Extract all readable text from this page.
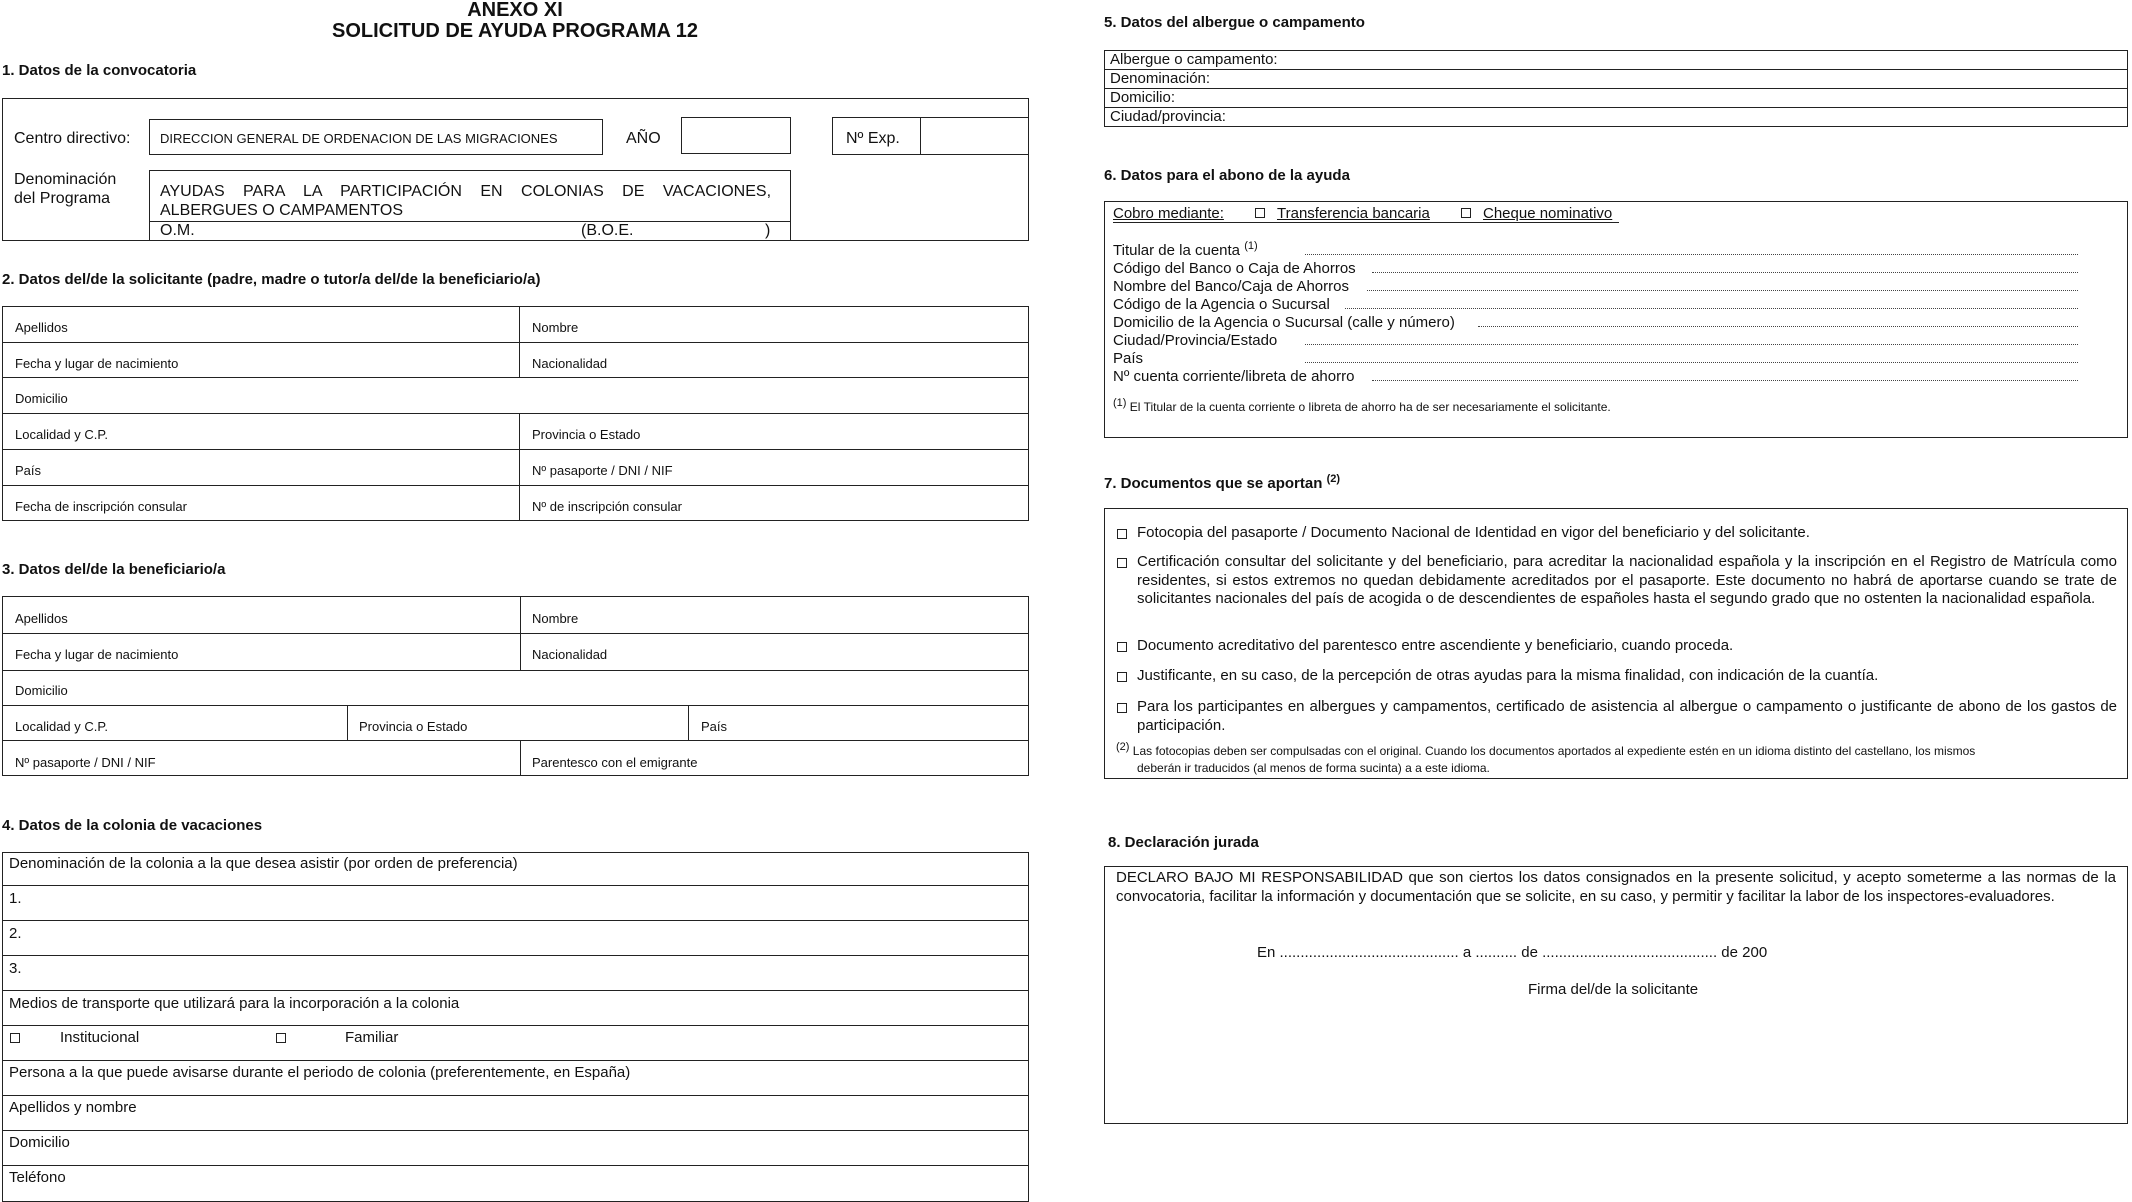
ANEXO XI
SOLICITUD DE AYUDA PROGRAMA 12
1. Datos de la convocatoria
Centro directivo: DIRECCION GENERAL DE ORDENACION DE LAS MIGRACIONES	AÑO	Nº Exp.
Denominación
del Programa	AYUDAS PARA LA PARTICIPACIÓN EN COLONIAS DE VACACIONES,
ALBERGUES O CAMPAMENTOS
O.M.	(B.O.E.	)
2. Datos del/de la solicitante (padre, madre o tutor/a del/de la beneficiario/a)
Apellidos	Nombre
Fecha y lugar de nacimiento	Nacionalidad
Domicilio
Localidad y C.P.	Provincia o Estado
País	Nº pasaporte / DNI / NIF
Fecha de inscripción consular	Nº de inscripción consular
3. Datos del/de la beneficiario/a
Apellidos	Nombre
Fecha y lugar de nacimiento	Nacionalidad
Domicilio
Localidad y C.P.	Provincia o Estado	País
Nº pasaporte / DNI / NIF	Parentesco con el emigrante
4. Datos de la colonia de vacaciones
Denominación de la colonia a la que desea asistir (por orden de preferencia)
1.
2.
3.
Medios de transporte que utilizará para la incorporación a la colonia
Institucional	Familiar
Persona a la que puede avisarse durante el periodo de colonia (preferentemente, en España)
Apellidos y nombre
Domicilio
Teléfono
5. Datos del albergue o campamento
Albergue o campamento:
Denominación:
Domicilio:
Ciudad/provincia:
6. Datos para el abono de la ayuda
Cobro mediante:	Transferencia bancaria	Cheque nominativo
Titular de la cuenta $^{(1)}$
Código del Banco o Caja de Ahorros
Nombre del Banco/Caja de Ahorros
Código de la Agencia o Sucursal
Domicilio de la Agencia o Sucursal (calle y número)
Ciudad/Provincia/Estado
País
Nº cuenta corriente/libreta de ahorro
(1) El Titular de la cuenta corriente o libreta de ahorro ha de ser necesariamente el solicitante.
7. Documentos que se aportan $^{(2)}$
Fotocopia del pasaporte / Documento Nacional de Identidad en vigor del beneficiario y del solicitante.
Certificación consultar del solicitante y del beneficiario, para acreditar la nacionalidad española y la inscripción en el Registro de Matrícula como residentes, si estos extremos no quedan debidamente acreditados por el pasaporte. Este documento no habrá de aportarse cuando se trate de solicitantes nacionales del país de acogida o de descendientes de españoles hasta el segundo grado que no ostenten la nacionalidad española.
Documento acreditativo del parentesco entre ascendiente y beneficiario, cuando proceda.
Justificante, en su caso, de la percepción de otras ayudas para la misma finalidad, con indicación de la cuantía.
Para los participantes en albergues y campamentos, certificado de asistencia al albergue o campamento o justificante de abono de los gastos de participación.
(2) Las fotocopias deben ser compulsadas con el original. Cuando los documentos aportados al expediente estén en un idioma distinto del castellano, los mismos
deberán ir traducidos (al menos de forma sucinta) a a este idioma.
8. Declaración jurada
DECLARO BAJO MI RESPONSABILIDAD que son ciertos los datos consignados en la presente solicitud, y acepto someterme a las normas de la convocatoria, facilitar la información y documentación que se solicite, en su caso, y permitir y facilitar la labor de los inspectores-evaluadores.
En ........................................... a .......... de .......................................... de 200
Firma del/de la solicitante
